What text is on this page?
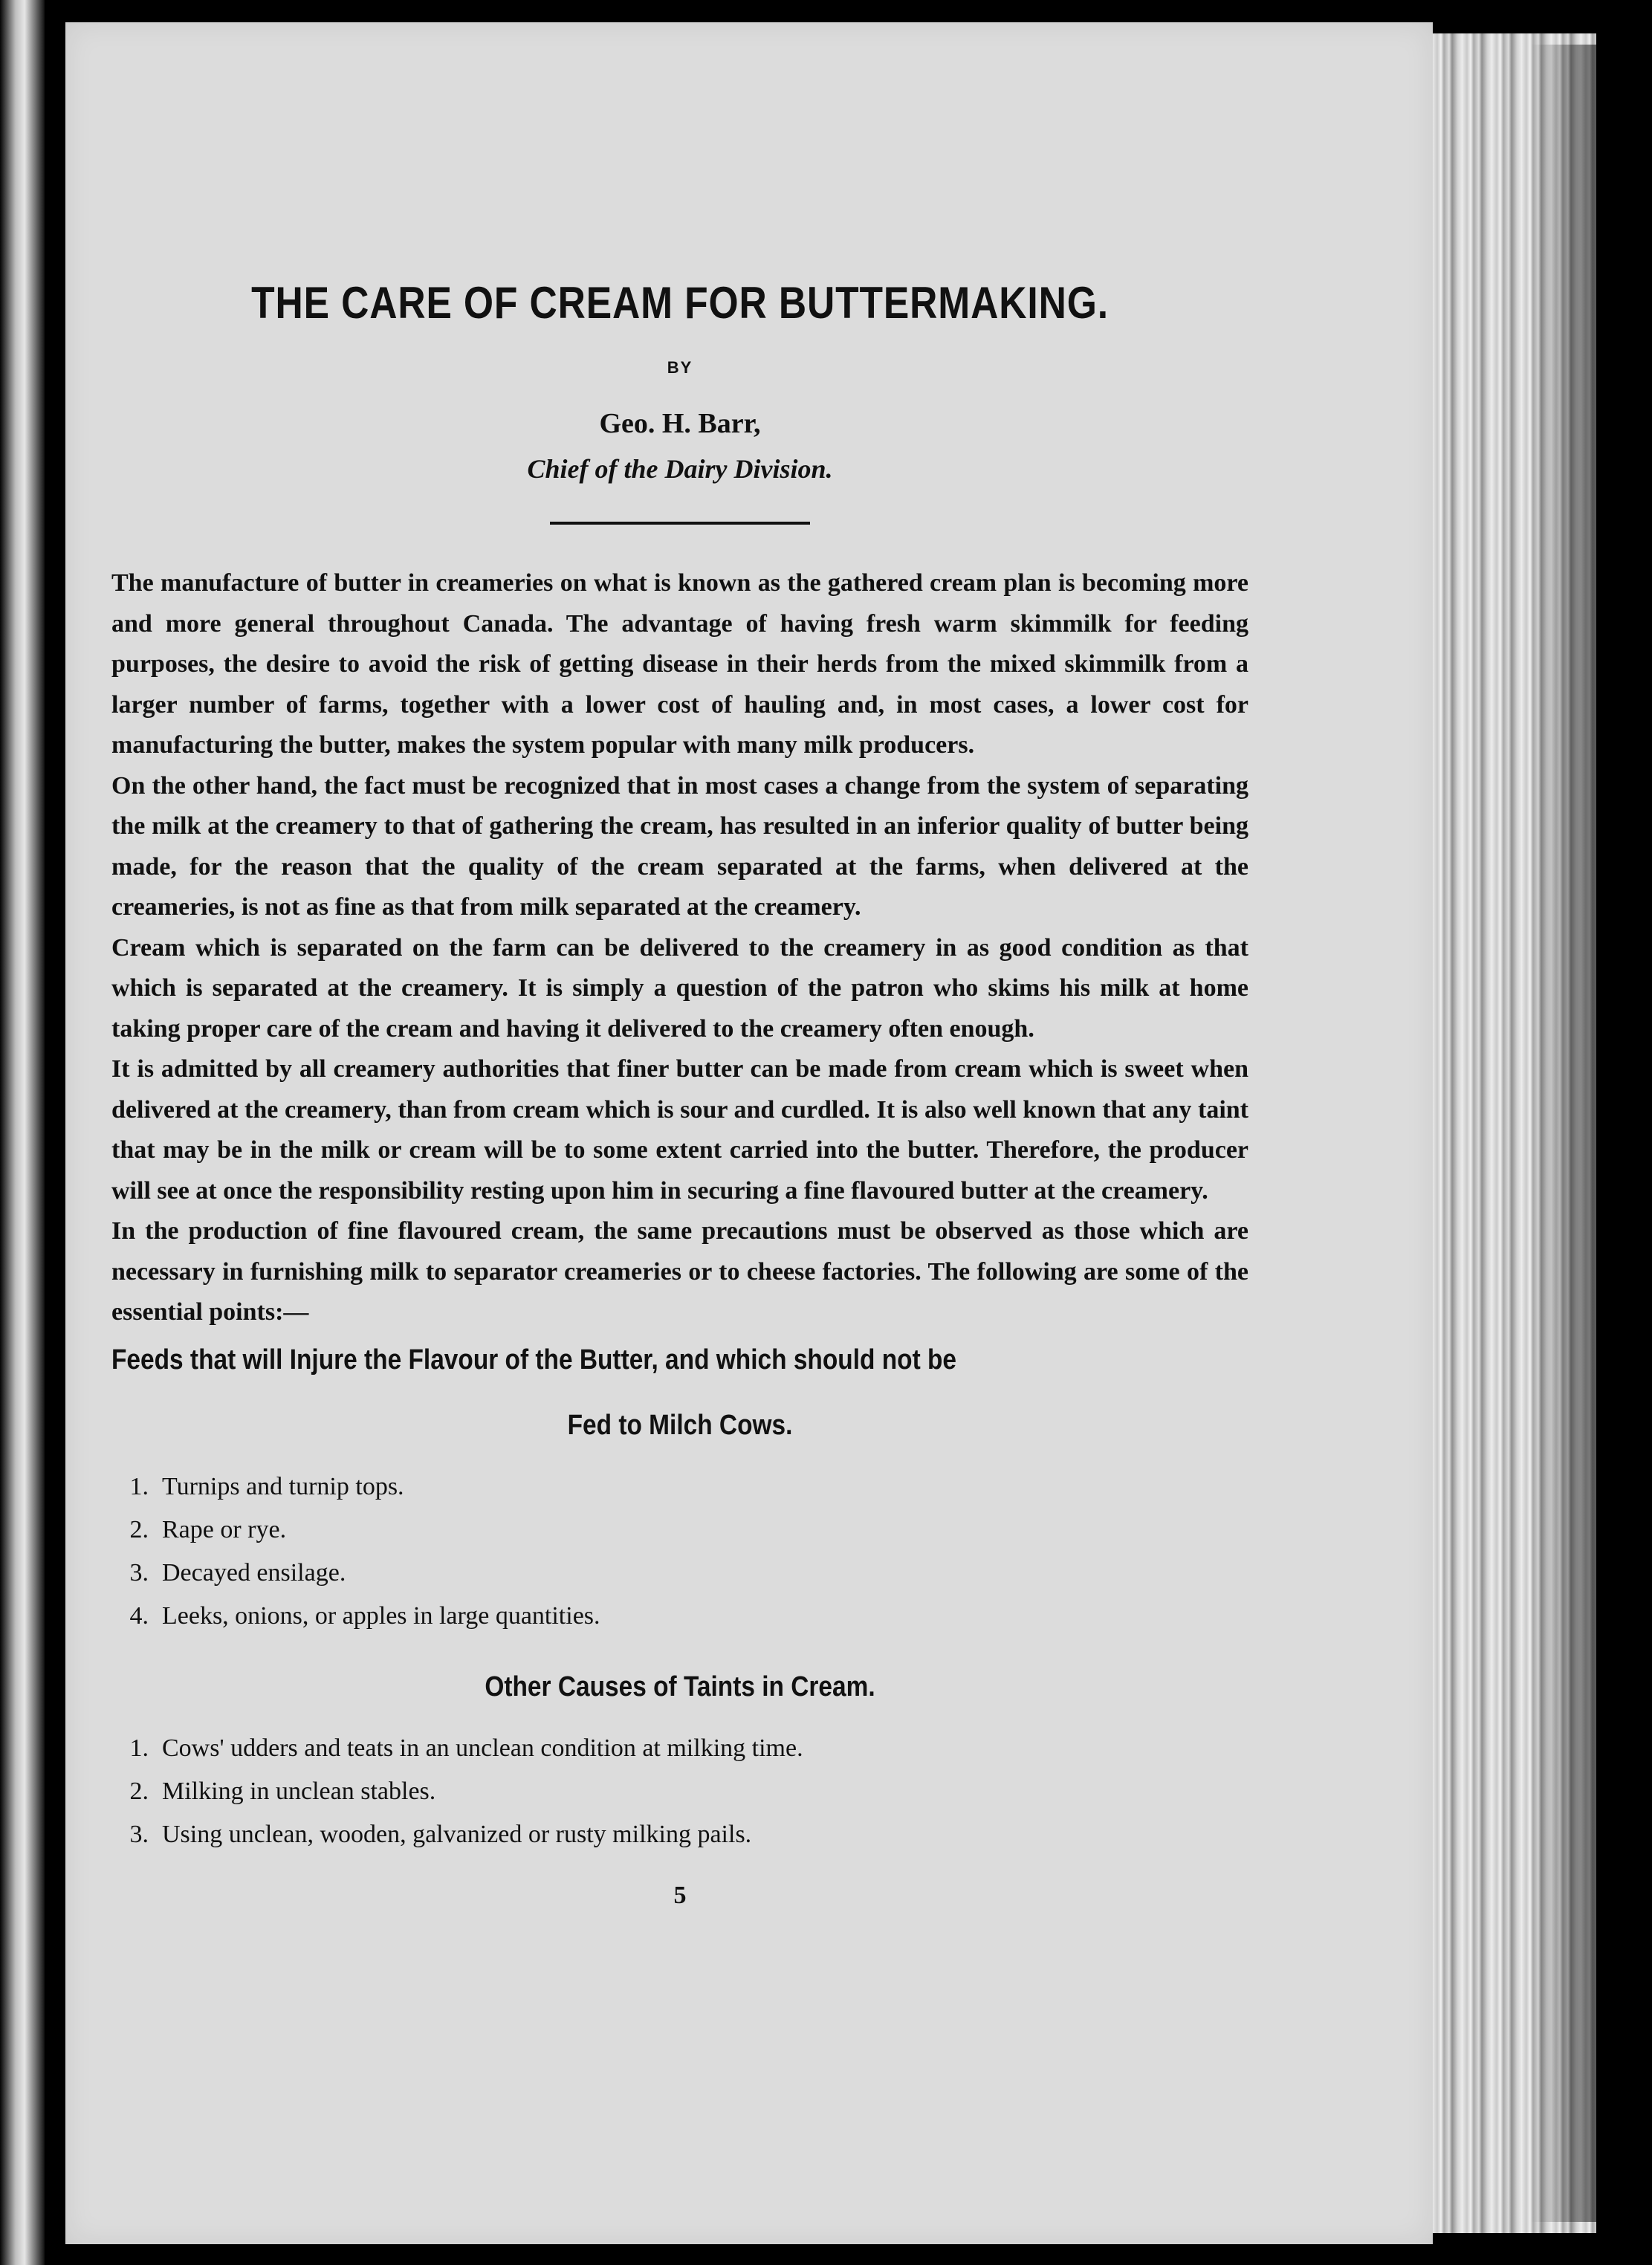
THE CARE OF CREAM FOR BUTTERMAKING.
BY
Geo. H. Barr,
Chief of the Dairy Division.

The manufacture of butter in creameries on what is known as the gathered cream plan is becoming more and more general throughout Canada. The advantage of having fresh warm skimmilk for feeding purposes, the desire to avoid the risk of getting disease in their herds from the mixed skimmilk from a larger number of farms, together with a lower cost of hauling and, in most cases, a lower cost for manufacturing the butter, makes the system popular with many milk producers.

On the other hand, the fact must be recognized that in most cases a change from the system of separating the milk at the creamery to that of gathering the cream, has resulted in an inferior quality of butter being made, for the reason that the quality of the cream separated at the farms, when delivered at the creameries, is not as fine as that from milk separated at the creamery.

Cream which is separated on the farm can be delivered to the creamery in as good condition as that which is separated at the creamery. It is simply a question of the patron who skims his milk at home taking proper care of the cream and having it delivered to the creamery often enough.

It is admitted by all creamery authorities that finer butter can be made from cream which is sweet when delivered at the creamery, than from cream which is sour and curdled. It is also well known that any taint that may be in the milk or cream will be to some extent carried into the butter. Therefore, the producer will see at once the responsibility resting upon him in securing a fine flavoured butter at the creamery.

In the production of fine flavoured cream, the same precautions must be observed as those which are necessary in furnishing milk to separator creameries or to cheese factories. The following are some of the essential points:—

Feeds that will Injure the Flavour of the Butter, and which should not be
Fed to Milch Cows.
1. Turnips and turnip tops.
2. Rape or rye.
3. Decayed ensilage.
4. Leeks, onions, or apples in large quantities.
Other Causes of Taints in Cream.
1. Cows' udders and teats in an unclean condition at milking time.
2. Milking in unclean stables.
3. Using unclean, wooden, galvanized or rusty milking pails.
5
